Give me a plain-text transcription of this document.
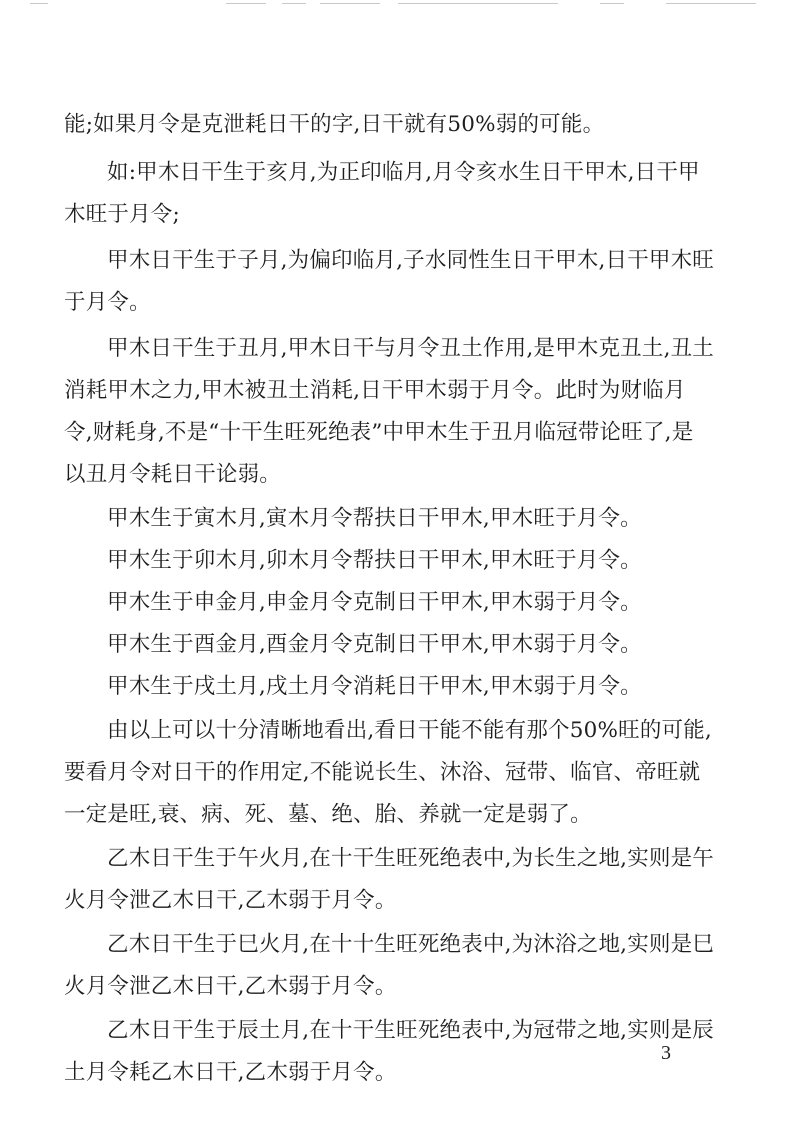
能;如果月令是克泄耗日干的字,日干就有50%弱的可能。

如:甲木日干生于亥月,为正印临月,月令亥水生日干甲木,日干甲木旺于月令;

甲木日干生于子月,为偏印临月,子水同性生日干甲木,日干甲木旺于月令。

甲木日干生于丑月,甲木日干与月令丑土作用,是甲木克丑土,丑土消耗甲木之力,甲木被丑土消耗,日干甲木弱于月令。此时为财临月令,财耗身,不是“十干生旺死绝表”中甲木生于丑月临冠带论旺了,是以丑月令耗日干论弱。

甲木生于寅木月,寅木月令帮扶日干甲木,甲木旺于月令。

甲木生于卯木月,卯木月令帮扶日干甲木,甲木旺于月令。

甲木生于申金月,申金月令克制日干甲木,甲木弱于月令。

甲木生于酉金月,酉金月令克制日干甲木,甲木弱于月令。

甲木生于戌土月,戌土月令消耗日干甲木,甲木弱于月令。

由以上可以十分清晰地看出,看日干能不能有那个50%旺的可能,要看月令对日干的作用定,不能说长生、沐浴、冠带、临官、帝旺就一定是旺,衰、病、死、墓、绝、胎、养就一定是弱了。

乙木日干生于午火月,在十干生旺死绝表中,为长生之地,实则是午火月令泄乙木日干,乙木弱于月令。

乙木日干生于巳火月,在十十生旺死绝表中,为沐浴之地,实则是巳火月令泄乙木日干,乙木弱于月令。

乙木日干生于辰土月,在十干生旺死绝表中,为冠带之地,实则是辰土月令耗乙木日干,乙木弱于月令。

3
